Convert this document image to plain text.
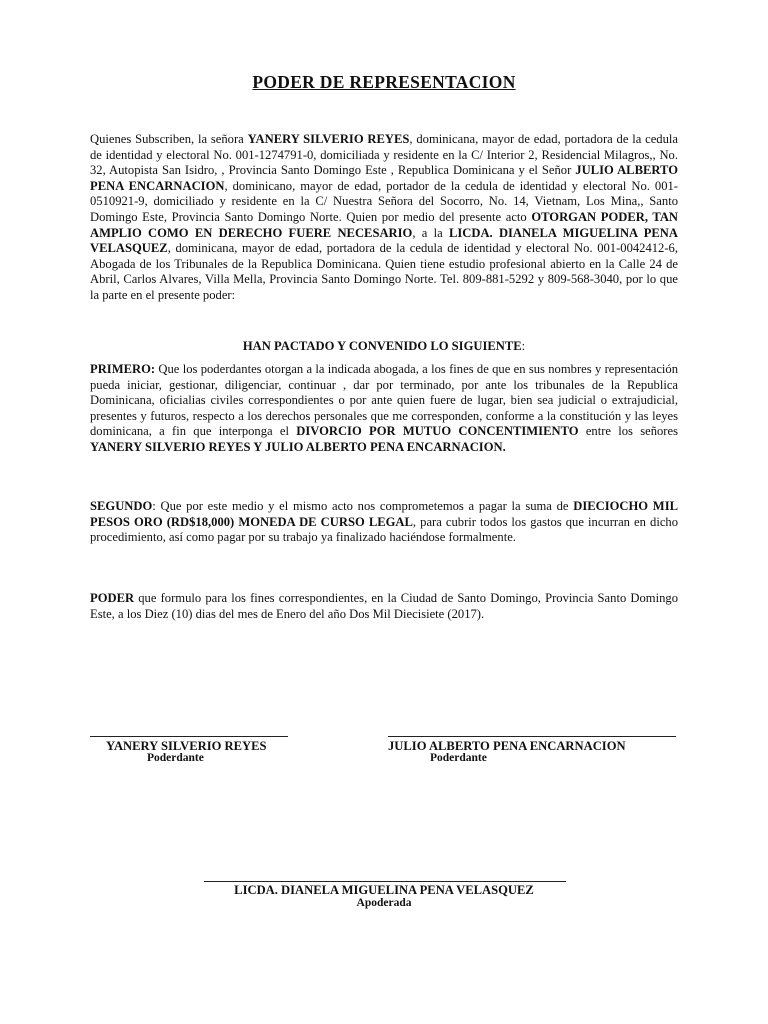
PODER DE REPRESENTACION

Quienes Subscriben, la señora YANERY SILVERIO REYES, dominicana, mayor de edad, portadora de la cedula de identidad y electoral No. 001-1274791-0, domiciliada y residente en la C/ Interior 2, Residencial Milagros,, No. 32, Autopista San Isidro, , Provincia Santo Domingo Este , Republica Dominicana y el Señor JULIO ALBERTO PENA ENCARNACION, dominicano, mayor de edad, portador de la cedula de identidad y electoral No. 001-0510921-9, domiciliado y residente en la C/ Nuestra Señora del Socorro, No. 14, Vietnam, Los Mina,, Santo Domingo Este, Provincia Santo Domingo Norte. Quien por medio del presente acto OTORGAN PODER, TAN AMPLIO COMO EN DERECHO FUERE NECESARIO, a la LICDA. DIANELA MIGUELINA PENA VELASQUEZ, dominicana, mayor de edad, portadora de la cedula de identidad y electoral No. 001-0042412-6, Abogada de los Tribunales de la Republica Dominicana. Quien tiene estudio profesional abierto en la Calle 24 de Abril, Carlos Alvares, Villa Mella, Provincia Santo Domingo Norte. Tel. 809-881-5292 y 809-568-3040, por lo que la parte en el presente poder:

HAN PACTADO Y CONVENIDO LO SIGUIENTE:

PRIMERO: Que los poderdantes otorgan a la indicada abogada, a los fines de que en sus nombres y representación pueda iniciar, gestionar, diligenciar, continuar , dar por terminado, por ante los tribunales de la Republica Dominicana, oficialias civiles correspondientes o por ante quien fuere de lugar, bien sea judicial o extrajudicial, presentes y futuros, respecto a los derechos personales que me corresponden, conforme a la constitución y las leyes dominicana, a fin que interponga el DIVORCIO POR MUTUO CONCENTIMIENTO entre los señores YANERY SILVERIO REYES Y JULIO ALBERTO PENA ENCARNACION.

SEGUNDO: Que por este medio y el mismo acto nos comprometemos a pagar la suma de DIECIOCHO MIL PESOS ORO (RD$18,000) MONEDA DE CURSO LEGAL, para cubrir todos los gastos que incurran en dicho procedimiento, así como pagar por su trabajo ya finalizado haciéndose formalmente.

PODER que formulo para los fines correspondientes, en la Ciudad de Santo Domingo, Provincia Santo Domingo Este, a los Diez (10) dias del mes de Enero del año Dos Mil Diecisiete (2017).

YANERY SILVERIO REYES
Poderdante
JULIO ALBERTO PENA ENCARNACION
Poderdante
LICDA. DIANELA MIGUELINA PENA VELASQUEZ
Apoderada
